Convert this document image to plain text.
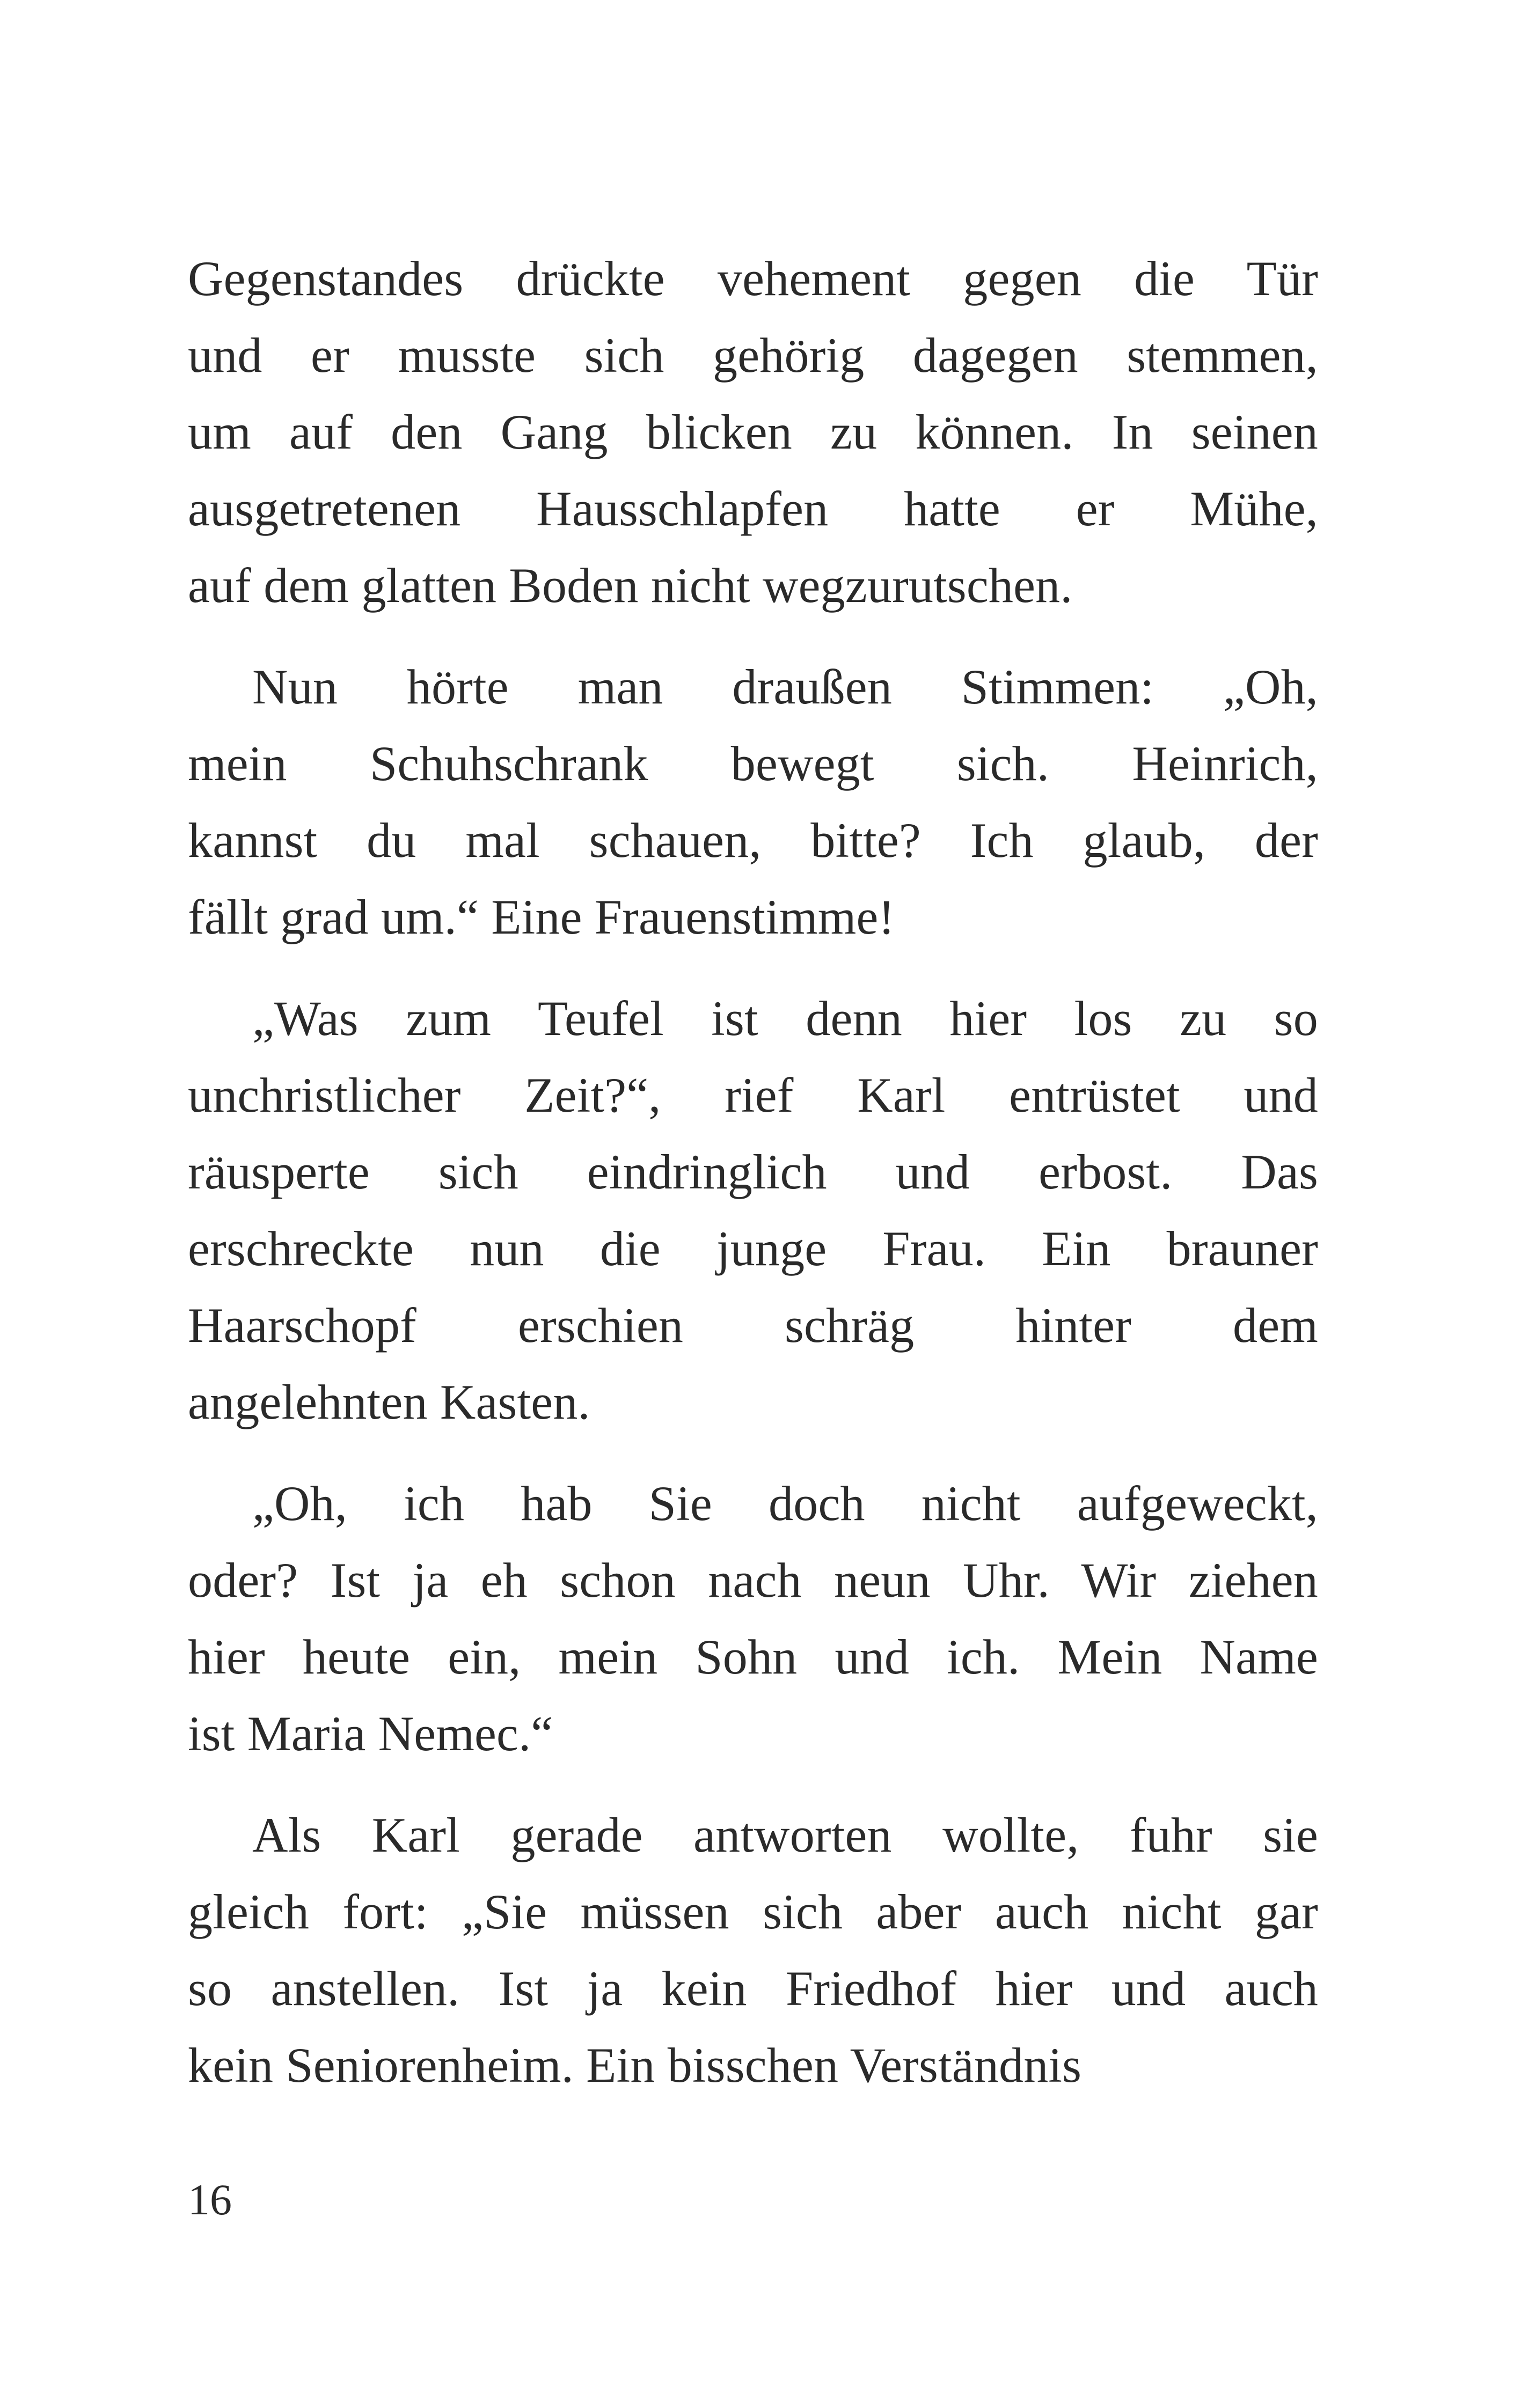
Gegenstandes drückte vehement gegen die Tür
und er musste sich gehörig dagegen stemmen,
um auf den Gang blicken zu können. In seinen
ausgetretenen Hausschlapfen hatte er Mühe,
auf dem glatten Boden nicht wegzurutschen.

Nun hörte man draußen Stimmen: „Oh,
mein Schuhschrank bewegt sich. Heinrich,
kannst du mal schauen, bitte? Ich glaub, der
fällt grad um.“ Eine Frauenstimme!

„Was zum Teufel ist denn hier los zu so
unchristlicher Zeit?“, rief Karl entrüstet und
räusperte sich eindringlich und erbost. Das
erschreckte nun die junge Frau. Ein brauner
Haarschopf erschien schräg hinter dem
angelehnten Kasten.

„Oh, ich hab Sie doch nicht aufgeweckt,
oder? Ist ja eh schon nach neun Uhr. Wir ziehen
hier heute ein, mein Sohn und ich. Mein Name
ist Maria Nemec.“

Als Karl gerade antworten wollte, fuhr sie
gleich fort: „Sie müssen sich aber auch nicht gar
so anstellen. Ist ja kein Friedhof hier und auch
kein Seniorenheim. Ein bisschen Verständnis

16
